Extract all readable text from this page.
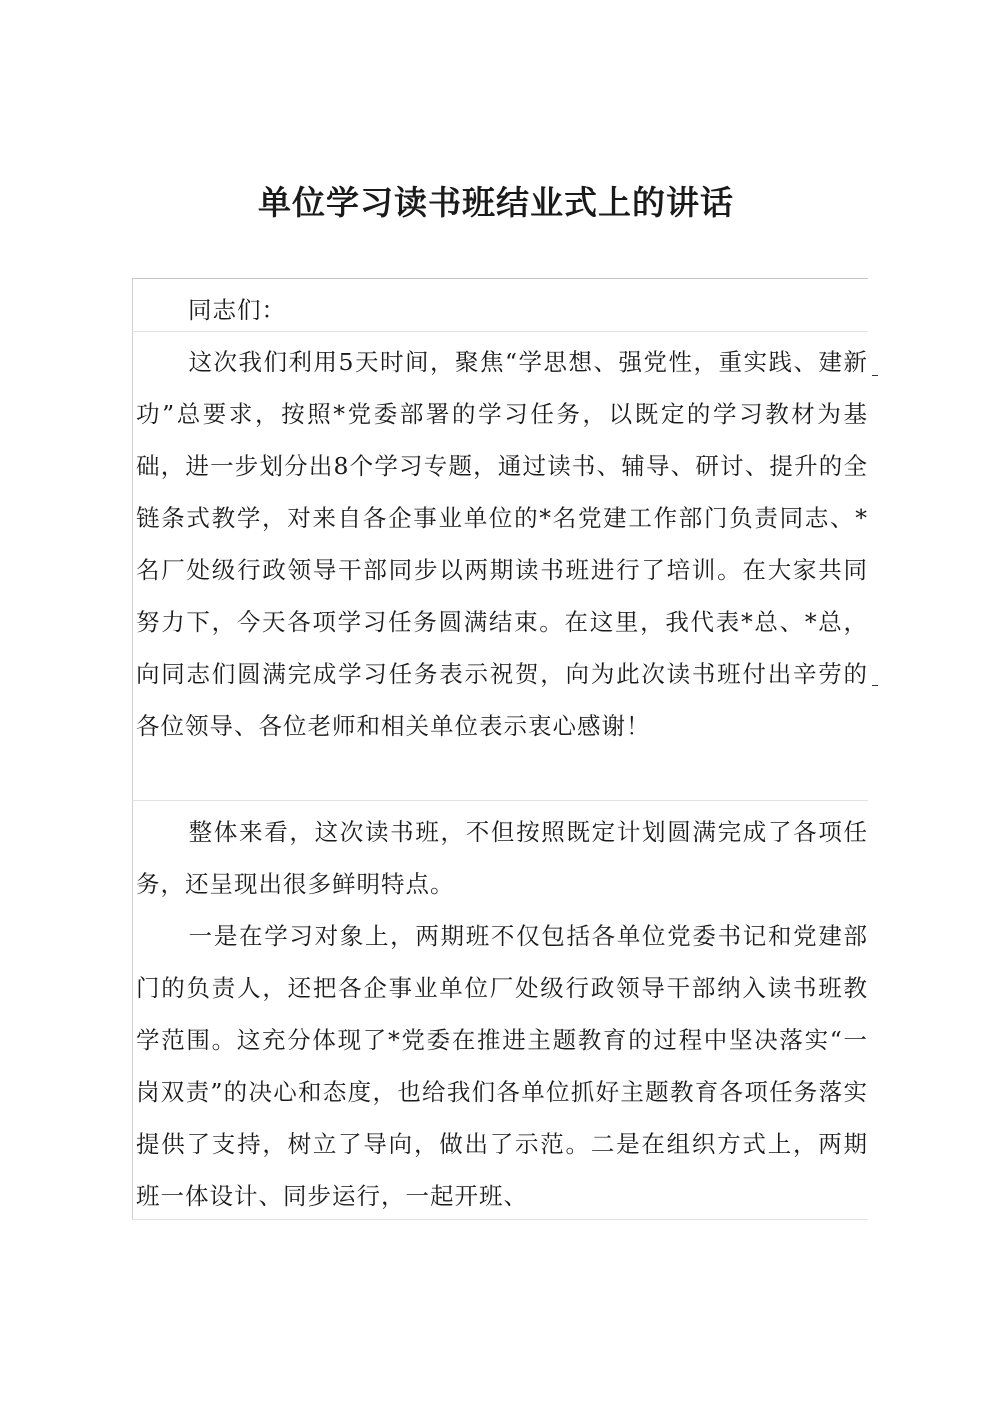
单位学习读书班结业式上的讲话

同志们：

这次我们利用5天时间，聚焦“学思想、强党性，重实践、建新功”总要求，按照*党委部署的学习任务，以既定的学习教材为基础，进一步划分出8个学习专题，通过读书、辅导、研讨、提升的全链条式教学，对来自各企事业单位的*名党建工作部门负责同志、*名厂处级行政领导干部同步以两期读书班进行了培训。在大家共同努力下，今天各项学习任务圆满结束。在这里，我代表*总、*总，向同志们圆满完成学习任务表示祝贺，向为此次读书班付出辛劳的各位领导、各位老师和相关单位表示衷心感谢！

整体来看，这次读书班，不但按照既定计划圆满完成了各项任务，还呈现出很多鲜明特点。

一是在学习对象上，两期班不仅包括各单位党委书记和党建部门的负责人，还把各企事业单位厂处级行政领导干部纳入读书班教学范围。这充分体现了*党委在推进主题教育的过程中坚决落实“一岗双责”的决心和态度，也给我们各单位抓好主题教育各项任务落实提供了支持，树立了导向，做出了示范。二是在组织方式上，两期班一体设计、同步运行，一起开班、
